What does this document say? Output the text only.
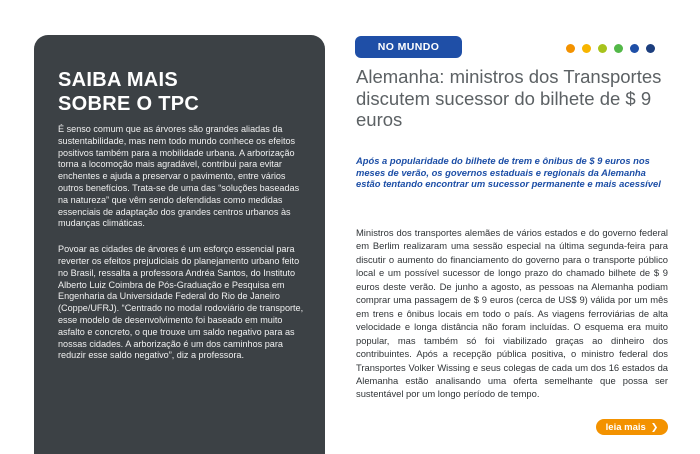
SAIBA MAIS
SOBRE O TPC

É senso comum que as árvores são grandes aliadas da sustentabilidade, mas nem todo mundo conhece os efeitos positivos também para a mobilidade urbana. A arborização torna a locomoção mais agradável, contribui para evitar enchentes e ajuda a preservar o pavimento, entre vários outros benefícios. Trata-se de uma das “soluções baseadas na natureza” que vêm sendo defendidas como medidas essenciais de adaptação dos grandes centros urbanos às mudanças climáticas.

Povoar as cidades de árvores é um esforço essencial para reverter os efeitos prejudiciais do planejamento urbano feito no Brasil, ressalta a professora Andréa Santos, do Instituto Alberto Luiz Coimbra de Pós-Graduação e Pesquisa em Engenharia da Universidade Federal do Rio de Janeiro (Coppe/UFRJ). “Centrado no modal rodoviário de transporte, esse modelo de desenvolvimento foi baseado em muito asfalto e concreto, o que trouxe um saldo negativo para as nossas cidades. A arborização é um dos caminhos para reduzir esse saldo negativo”, diz a professora.

NO MUNDO
Alemanha: ministros dos Transportes discutem sucessor do bilhete de $ 9 euros

Após a popularidade do bilhete de trem e ônibus de $ 9 euros nos meses de verão, os governos estaduais e regionais da Alemanha estão tentando encontrar um sucessor permanente e mais acessível

Ministros dos transportes alemães de vários estados e do governo federal em Berlim realizaram uma sessão especial na última segunda-feira para discutir o aumento do financiamento do governo para o transporte público local e um possível sucessor de longo prazo do chamado bilhete de $ 9 euros deste verão. De junho a agosto, as pessoas na Alemanha podiam comprar uma passagem de $ 9 euros (cerca de US$ 9) válida por um mês em trens e ônibus locais em todo o país. As viagens ferroviárias de alta velocidade e longa distância não foram incluídas. O esquema era muito popular, mas também só foi viabilizado graças ao dinheiro dos contribuintes. Após a recepção pública positiva, o ministro federal dos Transportes Volker Wissing e seus colegas de cada um dos 16 estados da Alemanha estão analisando uma oferta semelhante que possa ser sustentável por um longo período de tempo.

leia mais ❯
